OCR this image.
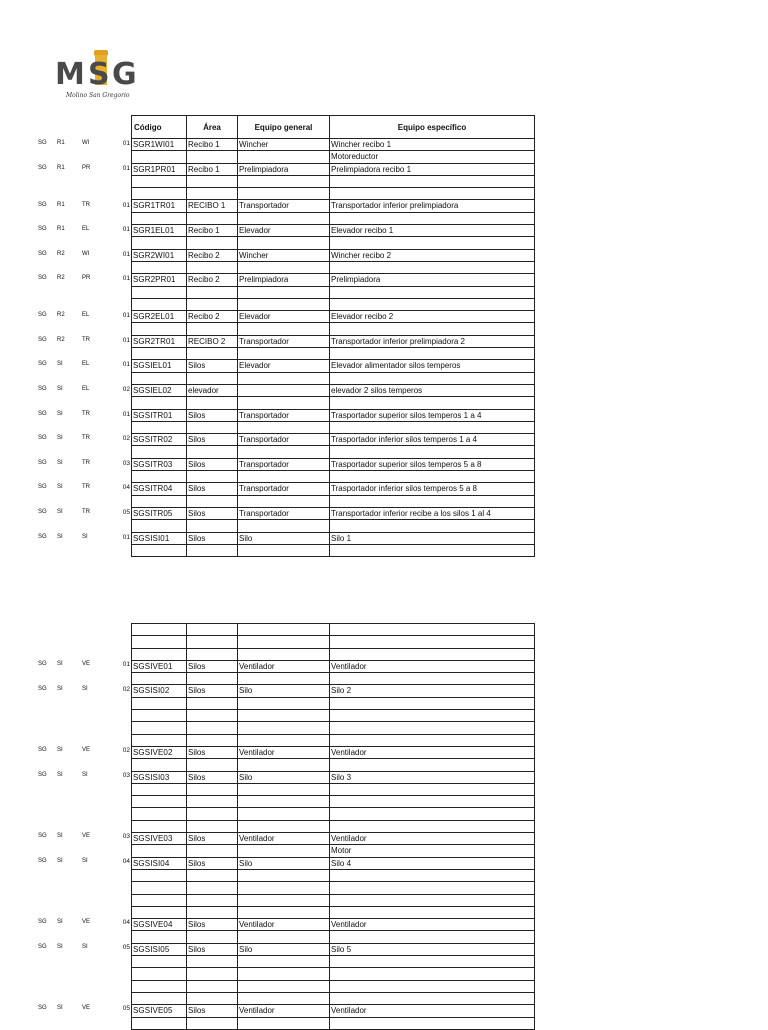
M S G
Molino San Gregorio
SG R1	WI	01
SG R1	PR	01
SG R1	TR	01
SG R1	EL	01
SG R2	WI	01
SG R2	PR	01
SG R2	EL	01
SG R2	TR	01
SG SI	EL	01
SG SI	EL	02
SG SI	TR	01
SG SI	TR	02
SG SI	TR	03
SG SI	TR	04
SG SI	TR	05
SG SI	SI	01
Código	Área	Equipo general	Equipo específico
SGR1WI01	Recibo 1	Wincher	Wincher recibo 1
			Motoreductor
SGR1PR01	Recibo 1	Prelimpiadora	Prelimpiadora recibo 1

SGR1TR01	RECIBO 1	Transportador	Transportador inferior prelimpiadora

SGR1EL01	Recibo 1	Elevador	Elevador recibo 1

SGR2WI01	Recibo 2	Wincher	Wincher recibo 2

SGR2PR01	Recibo 2	Prelimpiadora	Prelimpiadora

SGR2EL01	Recibo 2	Elevador	Elevador recibo 2

SGR2TR01	RECIBO 2	Transportador	Transportador inferior prelimpiadora 2

SGSIEL01	Silos	Elevador	Elevador alimentador silos temperos

SGSIEL02	elevador		elevador 2 silos temperos

SGSITR01	Silos	Transportador	Trasportador superior silos temperos 1 a 4

SGSITR02	Silos	Transportador	Trasportador inferior silos temperos 1 a 4

SGSITR03	Silos	Transportador	Trasportador superior silos temperos 5 a 8

SGSITR04	Silos	Transportador	Trasportador inferior silos temperos 5 a 8

SGSITR05	Silos	Transportador	Transportador inferior recibe a los silos 1 al 4

SGSISI01	Silos	Silo	Silo 1

SG SI	VE	01
SG SI	SI	02
SG SI	VE	02
SG SI	SI	03
SG SI	VE	03
SG SI	SI	04
SG SI	VE	04
SG SI	SI	05
SG SI	VE	05

SGSIVE01	Silos	Ventilador	Ventilador

SGSISI02	Silos	Silo	Silo 2

SGSIVE02	Silos	Ventilador	Ventilador

SGSISI03	Silos	Silo	Silo 3

SGSIVE03	Silos	Ventilador	Ventilador
			Motor
SGSISI04	Silos	Silo	Silo 4

SGSIVE04	Silos	Ventilador	Ventilador

SGSISI05	Silos	Silo	Silo 5

SGSIVE05	Silos	Ventilador	Ventilador
